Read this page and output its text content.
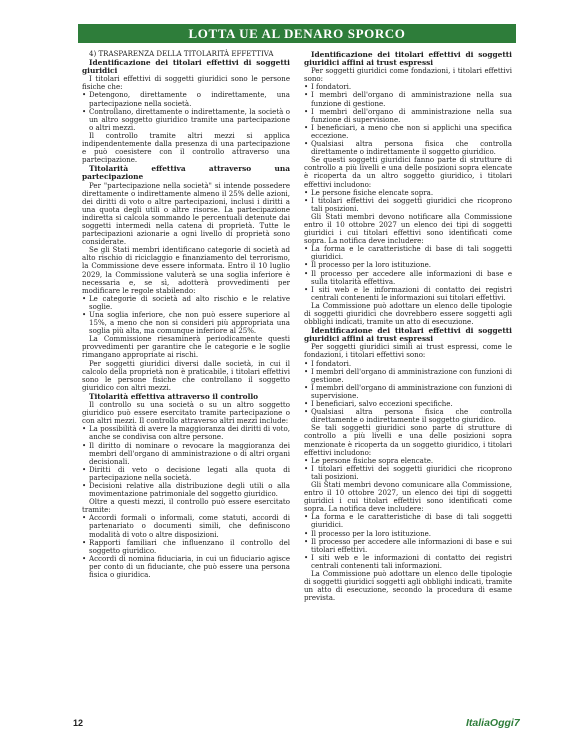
LOTTA UE AL DENARO SPORCO

4) TRASPARENZA DELLA TITOLARITÀ EFFETTIVA

Identificazione dei titolari effettivi di soggetti giuridici

I titolari effettivi di soggetti giuridici sono le persone fisiche che:

• Detengono, direttamente o indirettamente, una partecipazione nella società.

• Controllano, direttamente o indirettamente, la società o un altro soggetto giuridico tramite una partecipazione o altri mezzi.

Il controllo tramite altri mezzi si applica indipendentemente dalla presenza di una partecipazione e può coesistere con il controllo attraverso una partecipazione.

Titolarità effettiva attraverso una partecipazione

Per "partecipazione nella società" si intende possedere direttamente o indirettamente almeno il 25% delle azioni, dei diritti di voto o altre partecipazioni, inclusi i diritti a una quota degli utili o altre risorse. La partecipazione indiretta si calcola sommando le percentuali detenute dai soggetti intermedi nella catena di proprietà. Tutte le partecipazioni azionarie a ogni livello di proprietà sono considerate.

Se gli Stati membri identificano categorie di società ad alto rischio di riciclaggio e finanziamento del terrorismo, la Commissione deve essere informata. Entro il 10 luglio 2029, la Commissione valuterà se una soglia inferiore è necessaria e, se sì, adotterà provvedimenti per modificare le regole stabilendo:

• Le categorie di società ad alto rischio e le relative soglie.

• Una soglia inferiore, che non può essere superiore al 15%, a meno che non si consideri più appropriata una soglia più alta, ma comunque inferiore al 25%.

La Commissione riesaminerà periodicamente questi provvedimenti per garantire che le categorie e le soglie rimangano appropriate ai rischi.

Per soggetti giuridici diversi dalle società, in cui il calcolo della proprietà non è praticabile, i titolari effettivi sono le persone fisiche che controllano il soggetto giuridico con altri mezzi.

Titolarità effettiva attraverso il controllo

Il controllo su una società o su un altro soggetto giuridico può essere esercitato tramite partecipazione o con altri mezzi. Il controllo attraverso altri mezzi include:

• La possibilità di avere la maggioranza dei diritti di voto, anche se condivisa con altre persone.

• Il diritto di nominare o revocare la maggioranza dei membri dell'organo di amministrazione o di altri organi decisionali.

• Diritti di veto o decisione legati alla quota di partecipazione nella società.

• Decisioni relative alla distribuzione degli utili o alla movimentazione patrimoniale del soggetto giuridico.

Oltre a questi mezzi, il controllo può essere esercitato tramite:

• Accordi formali o informali, come statuti, accordi di partenariato o documenti simili, che definiscono modalità di voto o altre disposizioni.

• Rapporti familiari che influenzano il controllo del soggetto giuridico.

• Accordi di nomina fiduciaria, in cui un fiduciario agisce per conto di un fiduciante, che può essere una persona fisica o giuridica.

Identificazione dei titolari effettivi di soggetti giuridici affini ai trust espressi

Per soggetti giuridici come fondazioni, i titolari effettivi sono:

• I fondatori.

• I membri dell'organo di amministrazione nella sua funzione di gestione.

• I membri dell'organo di amministrazione nella sua funzione di supervisione.

• I beneficiari, a meno che non si applichi una specifica eccezione.

• Qualsiasi altra persona fisica che controlla direttamente o indirettamente il soggetto giuridico.

Se questi soggetti giuridici fanno parte di strutture di controllo a più livelli e una delle posizioni sopra elencate è ricoperta da un altro soggetto giuridico, i titolari effettivi includono:

• Le persone fisiche elencate sopra.

• I titolari effettivi dei soggetti giuridici che ricoprono tali posizioni.

Gli Stati membri devono notificare alla Commissione entro il 10 ottobre 2027 un elenco dei tipi di soggetti giuridici i cui titolari effettivi sono identificati come sopra. La notifica deve includere:

• La forma e le caratteristiche di base di tali soggetti giuridici.

• Il processo per la loro istituzione.

• Il processo per accedere alle informazioni di base e sulla titolarità effettiva.

• I siti web e le informazioni di contatto dei registri centrali contenenti le informazioni sui titolari effettivi.

La Commissione può adottare un elenco delle tipologie di soggetti giuridici che dovrebbero essere soggetti agli obblighi indicati, tramite un atto di esecuzione.

Identificazione dei titolari effettivi di soggetti giuridici affini ai trust espressi

Per soggetti giuridici simili ai trust espressi, come le fondazioni, i titolari effettivi sono:

• I fondatori.

• I membri dell'organo di amministrazione con funzioni di gestione.

• I membri dell'organo di amministrazione con funzioni di supervisione.

• I beneficiari, salvo eccezioni specifiche.

• Qualsiasi altra persona fisica che controlla direttamente o indirettamente il soggetto giuridico.

Se tali soggetti giuridici sono parte di strutture di controllo a più livelli e una delle posizioni sopra menzionate è ricoperta da un soggetto giuridico, i titolari effettivi includono:

• Le persone fisiche sopra elencate.

• I titolari effettivi dei soggetti giuridici che ricoprono tali posizioni.

Gli Stati membri devono comunicare alla Commissione, entro il 10 ottobre 2027, un elenco dei tipi di soggetti giuridici i cui titolari effettivi sono identificati come sopra. La notifica deve includere:

• La forma e le caratteristiche di base di tali soggetti giuridici.

• Il processo per la loro istituzione.

• Il processo per accedere alle informazioni di base e sui titolari effettivi.

• I siti web e le informazioni di contatto dei registri centrali contenenti tali informazioni.

La Commissione può adottare un elenco delle tipologie di soggetti giuridici soggetti agli obblighi indicati, tramite un atto di esecuzione, secondo la procedura di esame prevista.

12	ItaliaOggi7
